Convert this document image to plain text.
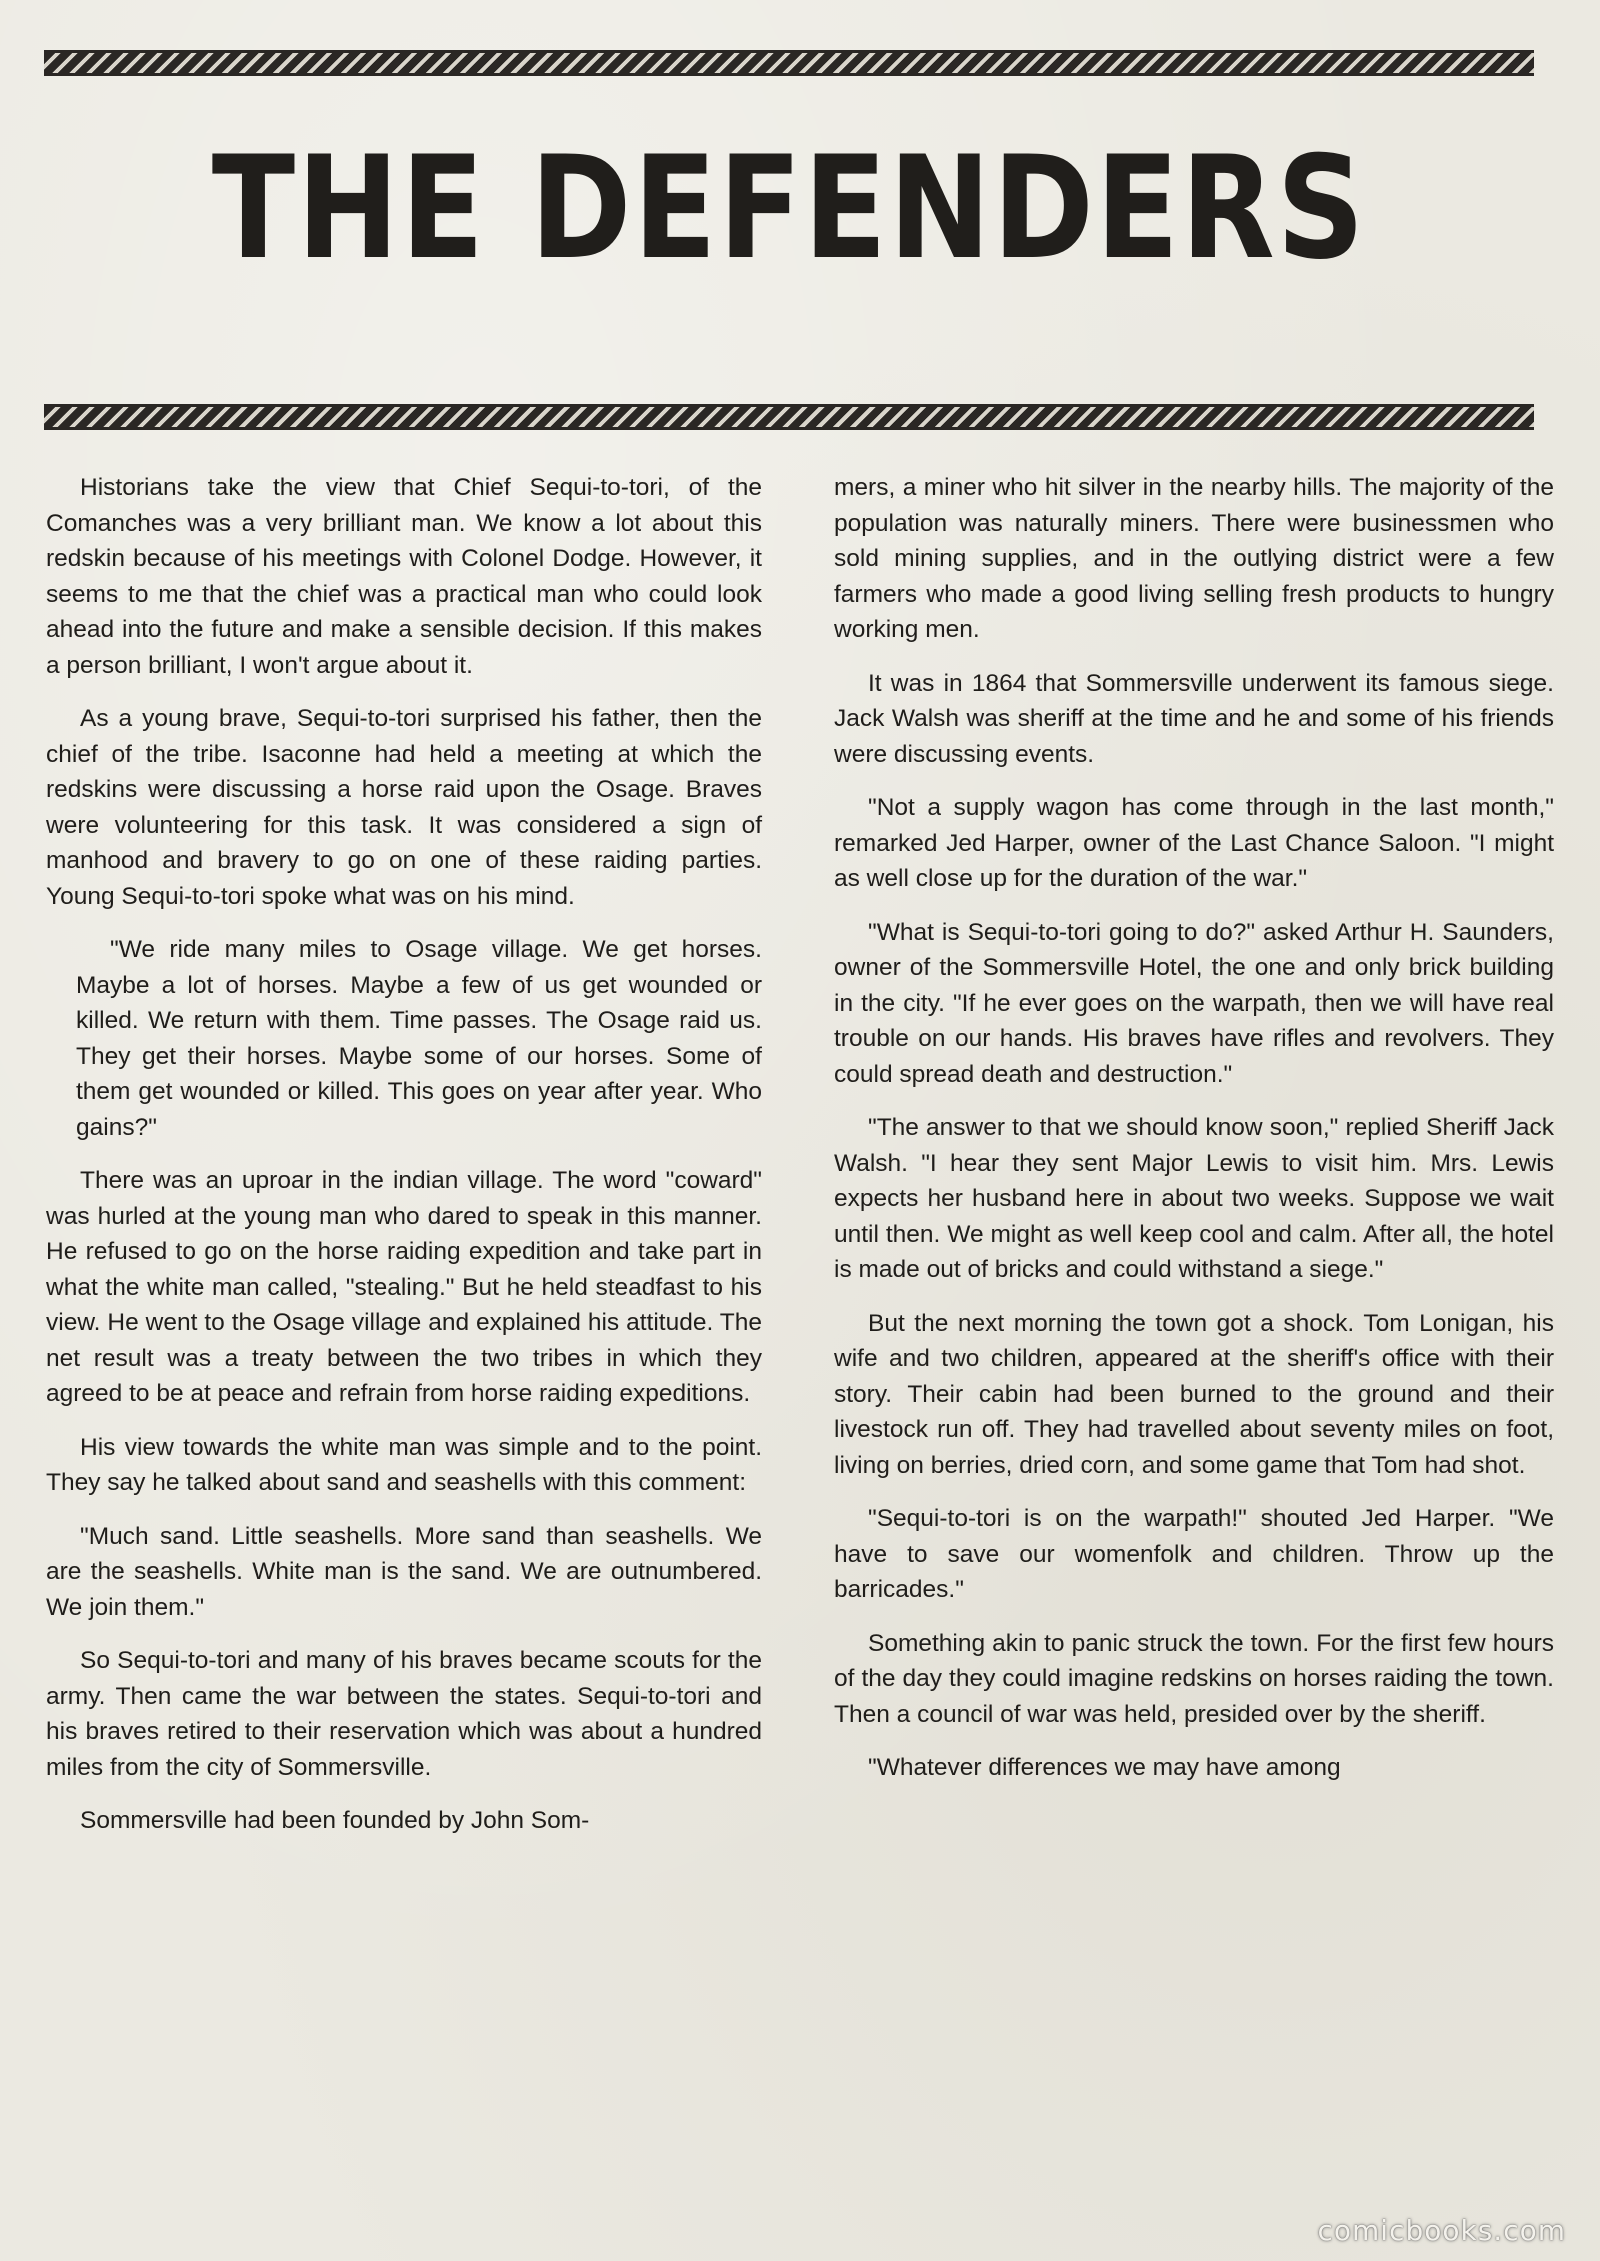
THE DEFENDERS

Historians take the view that Chief Sequi-to-tori, of the Comanches was a very brilliant man. We know a lot about this redskin because of his meetings with Colonel Dodge. However, it seems to me that the chief was a practical man who could look ahead into the future and make a sensible decision. If this makes a person brilliant, I won't argue about it.

As a young brave, Sequi-to-tori surprised his father, then the chief of the tribe. Isaconne had held a meeting at which the redskins were discussing a horse raid upon the Osage. Braves were volunteering for this task. It was considered a sign of manhood and bravery to go on one of these raiding parties. Young Sequi-to-tori spoke what was on his mind.

"We ride many miles to Osage village. We get horses. Maybe a lot of horses. Maybe a few of us get wounded or killed. We return with them. Time passes. The Osage raid us. They get their horses. Maybe some of our horses. Some of them get wounded or killed. This goes on year after year. Who gains?"

There was an uproar in the indian village. The word "coward" was hurled at the young man who dared to speak in this manner. He refused to go on the horse raiding expedition and take part in what the white man called, "stealing." But he held steadfast to his view. He went to the Osage village and explained his attitude. The net result was a treaty between the two tribes in which they agreed to be at peace and refrain from horse raiding expeditions.

His view towards the white man was simple and to the point. They say he talked about sand and seashells with this comment:

"Much sand. Little seashells. More sand than seashells. We are the seashells. White man is the sand. We are outnumbered. We join them."

So Sequi-to-tori and many of his braves became scouts for the army. Then came the war between the states. Sequi-to-tori and his braves retired to their reservation which was about a hundred miles from the city of Sommersville.

Sommersville had been founded by John Som-

mers, a miner who hit silver in the nearby hills. The majority of the population was naturally miners. There were businessmen who sold mining supplies, and in the outlying district were a few farmers who made a good living selling fresh products to hungry working men.

It was in 1864 that Sommersville underwent its famous siege. Jack Walsh was sheriff at the time and he and some of his friends were discussing events.

"Not a supply wagon has come through in the last month," remarked Jed Harper, owner of the Last Chance Saloon. "I might as well close up for the duration of the war."

"What is Sequi-to-tori going to do?" asked Arthur H. Saunders, owner of the Sommersville Hotel, the one and only brick building in the city. "If he ever goes on the warpath, then we will have real trouble on our hands. His braves have rifles and revolvers. They could spread death and destruction."

"The answer to that we should know soon," replied Sheriff Jack Walsh. "I hear they sent Major Lewis to visit him. Mrs. Lewis expects her husband here in about two weeks. Suppose we wait until then. We might as well keep cool and calm. After all, the hotel is made out of bricks and could withstand a siege."

But the next morning the town got a shock. Tom Lonigan, his wife and two children, appeared at the sheriff's office with their story. Their cabin had been burned to the ground and their livestock run off. They had travelled about seventy miles on foot, living on berries, dried corn, and some game that Tom had shot.

"Sequi-to-tori is on the warpath!" shouted Jed Harper. "We have to save our womenfolk and children. Throw up the barricades."

Something akin to panic struck the town. For the first few hours of the day they could imagine redskins on horses raiding the town. Then a council of war was held, presided over by the sheriff.

"Whatever differences we may have among

comicbooks.com
